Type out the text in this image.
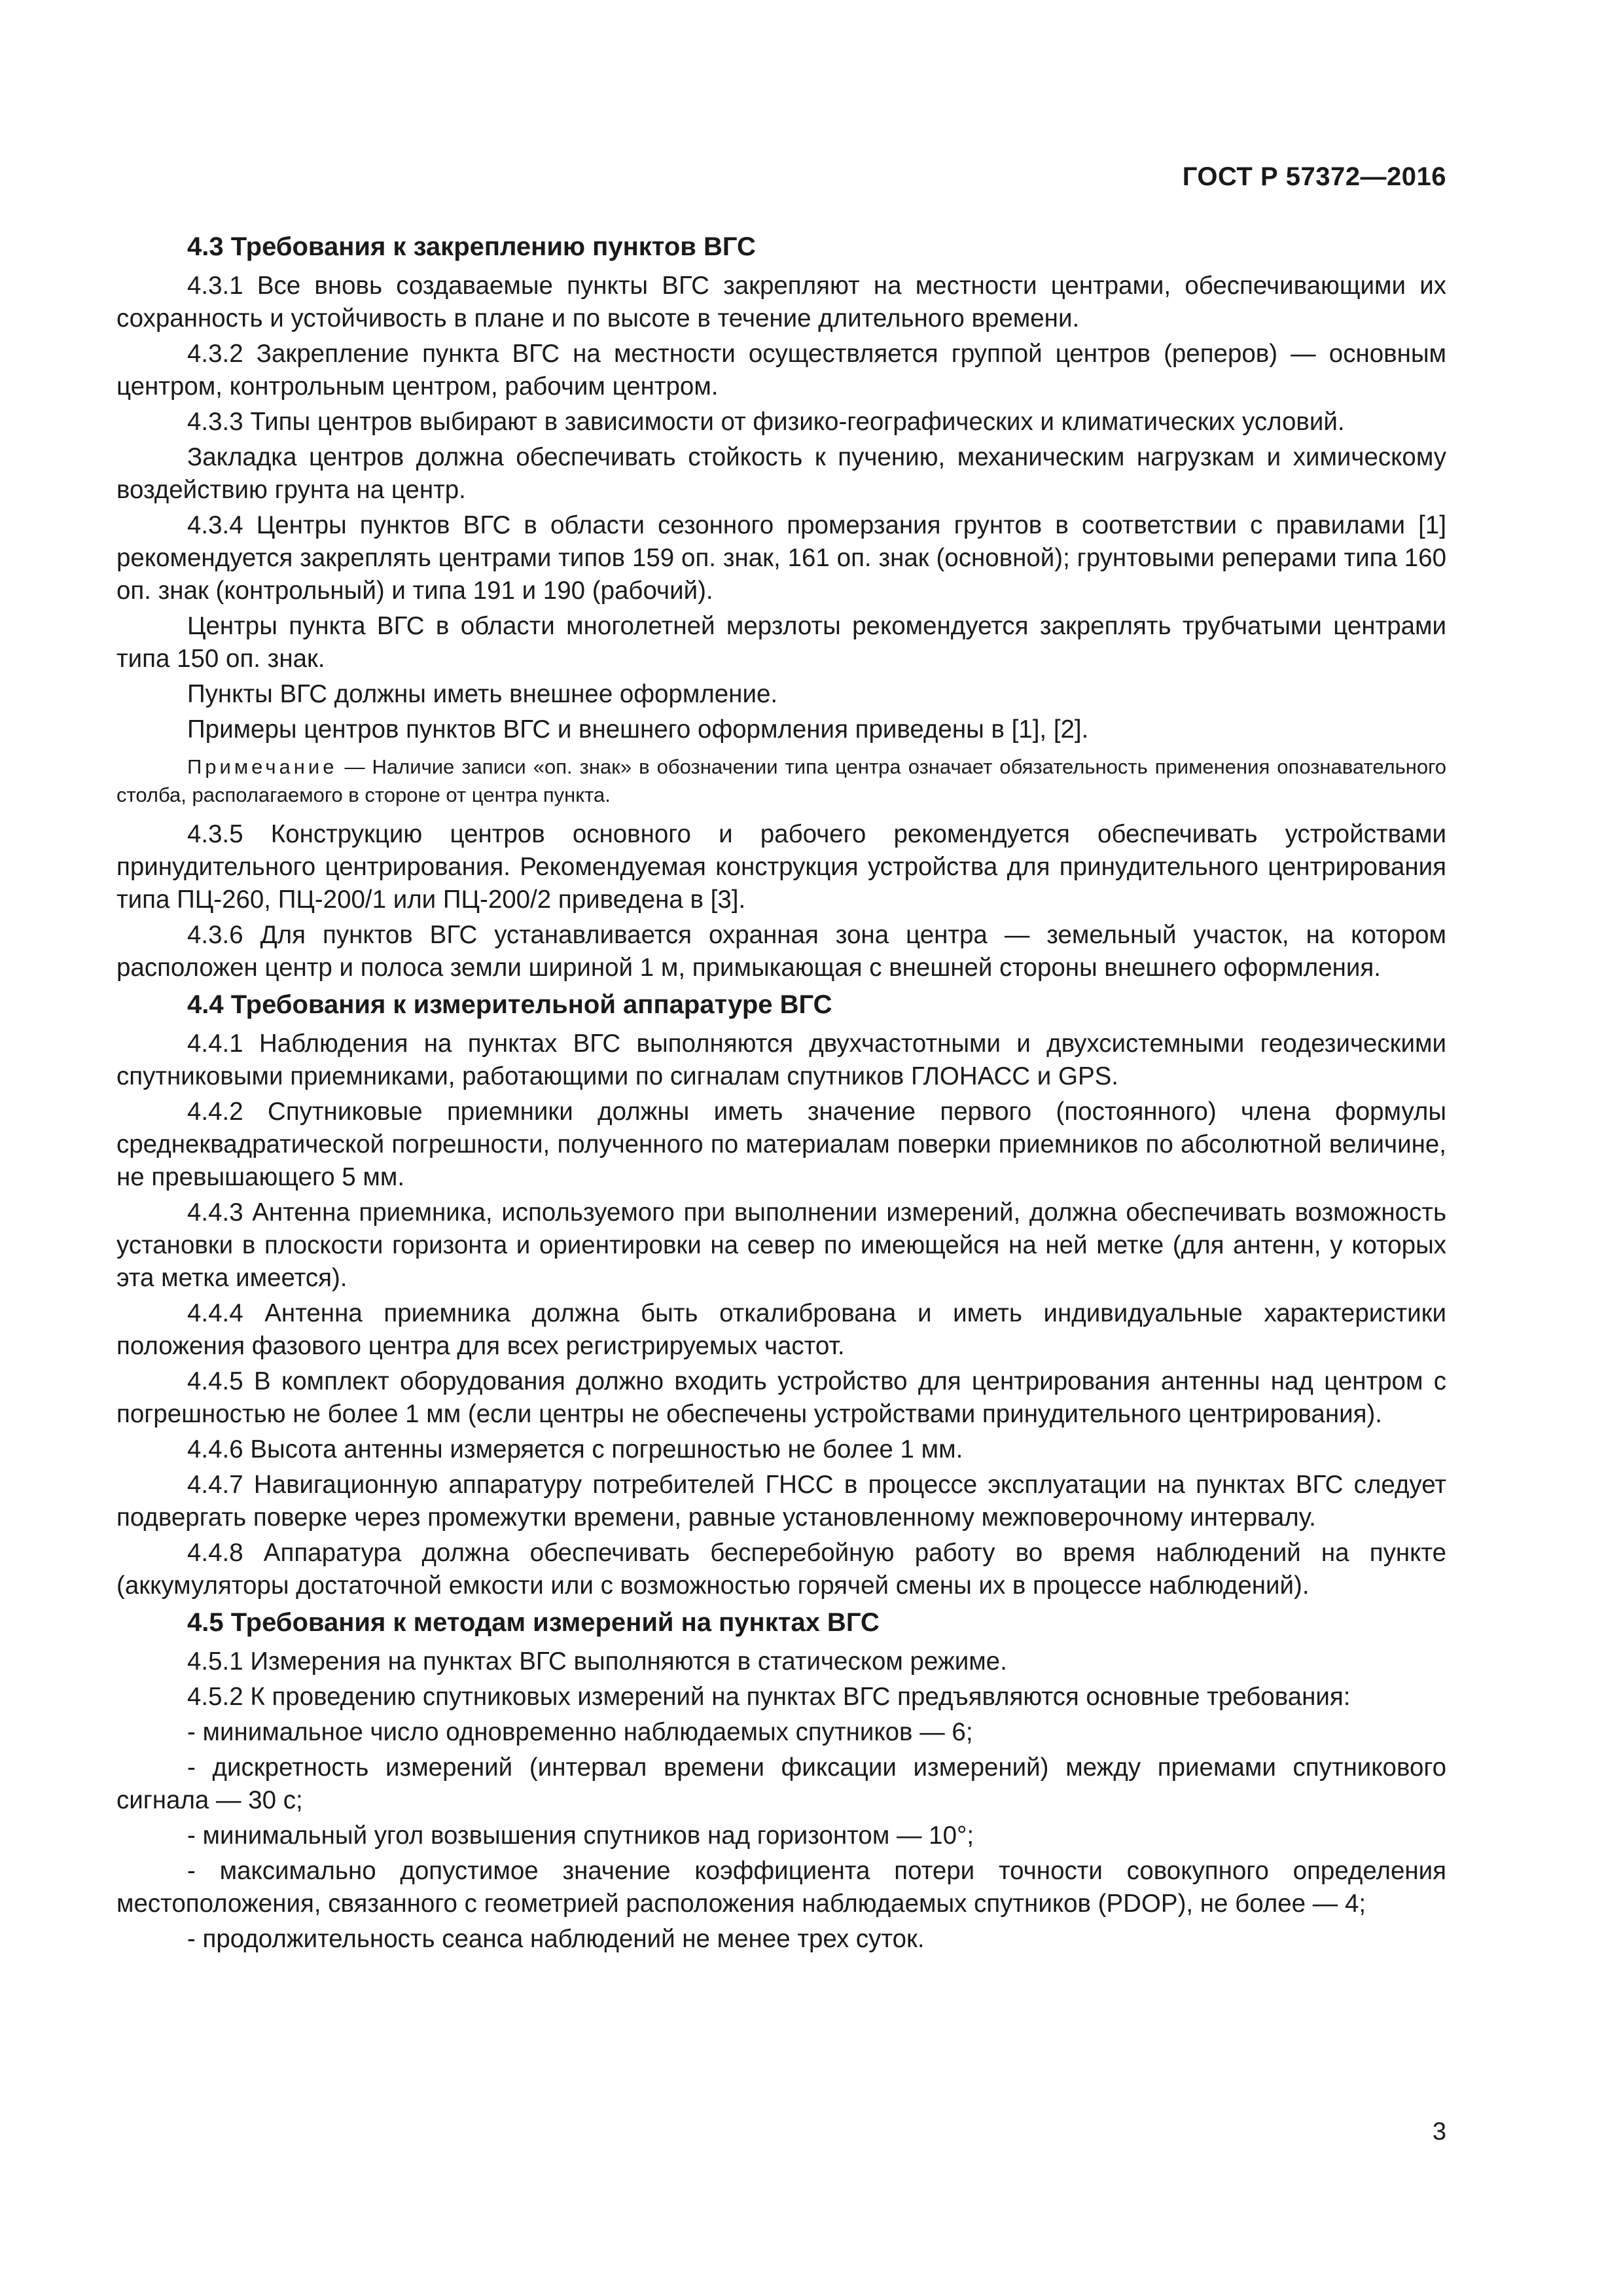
ГОСТ Р 57372—2016
4.3 Требования к закреплению пунктов ВГС

4.3.1 Все вновь создаваемые пункты ВГС закрепляют на местности центрами, обеспечивающими их сохранность и устойчивость в плане и по высоте в течение длительного времени.

4.3.2 Закрепление пункта ВГС на местности осуществляется группой центров (реперов) — основным центром, контрольным центром, рабочим центром.

4.3.3 Типы центров выбирают в зависимости от физико-географических и климатических условий.

Закладка центров должна обеспечивать стойкость к пучению, механическим нагрузкам и химическому воздействию грунта на центр.

4.3.4 Центры пунктов ВГС в области сезонного промерзания грунтов в соответствии с правилами [1] рекомендуется закреплять центрами типов 159 оп. знак, 161 оп. знак (основной); грунтовыми реперами типа 160 оп. знак (контрольный) и типа 191 и 190 (рабочий).

Центры пункта ВГС в области многолетней мерзлоты рекомендуется закреплять трубчатыми центрами типа 150 оп. знак.

Пункты ВГС должны иметь внешнее оформление.

Примеры центров пунктов ВГС и внешнего оформления приведены в [1], [2].

Примечание — Наличие записи «оп. знак» в обозначении типа центра означает обязательность применения опознавательного столба, располагаемого в стороне от центра пункта.

4.3.5 Конструкцию центров основного и рабочего рекомендуется обеспечивать устройствами принудительного центрирования. Рекомендуемая конструкция устройства для принудительного центрирования типа ПЦ-260, ПЦ-200/1 или ПЦ-200/2 приведена в [3].

4.3.6 Для пунктов ВГС устанавливается охранная зона центра — земельный участок, на котором расположен центр и полоса земли шириной 1 м, примыкающая с внешней стороны внешнего оформления.

4.4 Требования к измерительной аппаратуре ВГС

4.4.1 Наблюдения на пунктах ВГС выполняются двухчастотными и двухсистемными геодезическими спутниковыми приемниками, работающими по сигналам спутников ГЛОНАСС и GPS.

4.4.2 Спутниковые приемники должны иметь значение первого (постоянного) члена формулы среднеквадратической погрешности, полученного по материалам поверки приемников по абсолютной величине, не превышающего 5 мм.

4.4.3 Антенна приемника, используемого при выполнении измерений, должна обеспечивать возможность установки в плоскости горизонта и ориентировки на север по имеющейся на ней метке (для антенн, у которых эта метка имеется).

4.4.4 Антенна приемника должна быть откалибрована и иметь индивидуальные характеристики положения фазового центра для всех регистрируемых частот.

4.4.5 В комплект оборудования должно входить устройство для центрирования антенны над центром с погрешностью не более 1 мм (если центры не обеспечены устройствами принудительного центрирования).

4.4.6 Высота антенны измеряется с погрешностью не более 1 мм.

4.4.7 Навигационную аппаратуру потребителей ГНСС в процессе эксплуатации на пунктах ВГС следует подвергать поверке через промежутки времени, равные установленному межповерочному интервалу.

4.4.8 Аппаратура должна обеспечивать бесперебойную работу во время наблюдений на пункте (аккумуляторы достаточной емкости или с возможностью горячей смены их в процессе наблюдений).

4.5 Требования к методам измерений на пунктах ВГС

4.5.1 Измерения на пунктах ВГС выполняются в статическом режиме.

4.5.2 К проведению спутниковых измерений на пунктах ВГС предъявляются основные требования:

- минимальное число одновременно наблюдаемых спутников — 6;

- дискретность измерений (интервал времени фиксации измерений) между приемами спутникового сигнала — 30 с;

- минимальный угол возвышения спутников над горизонтом — 10°;

- максимально допустимое значение коэффициента потери точности совокупного определения местоположения, связанного с геометрией расположения наблюдаемых спутников (PDOP), не более — 4;

- продолжительность сеанса наблюдений не менее трех суток.

3
